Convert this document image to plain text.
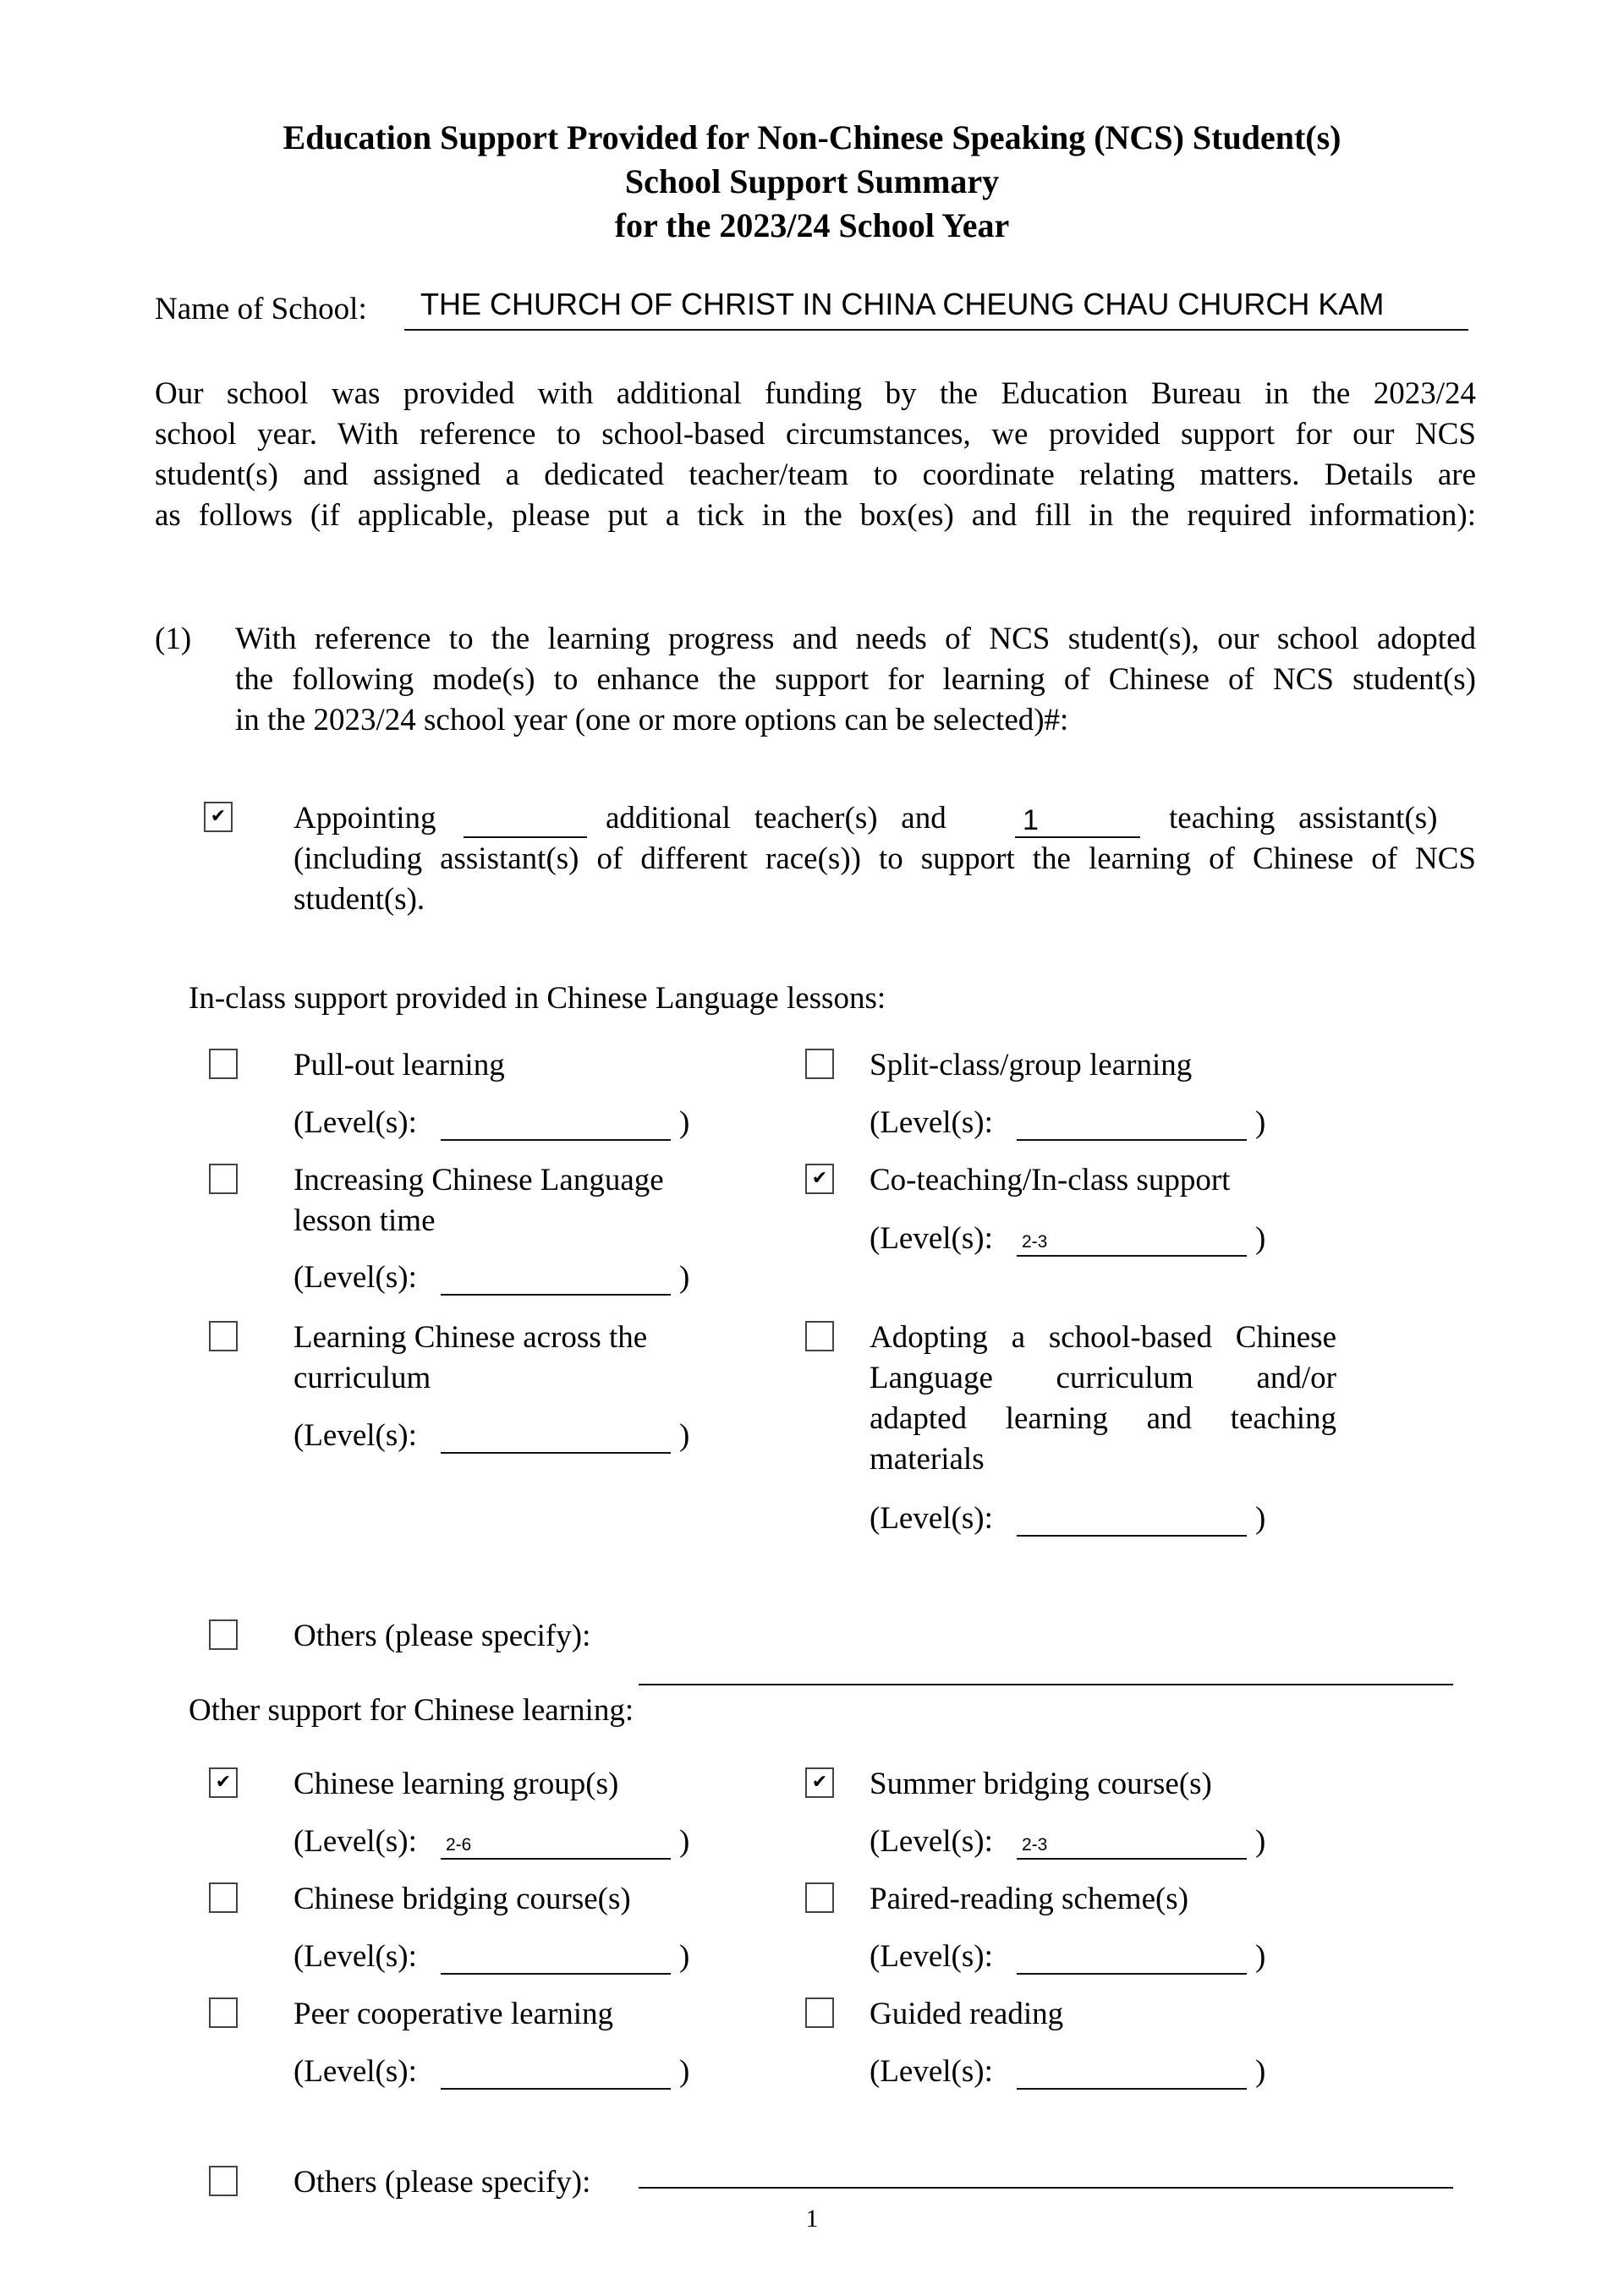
Education Support Provided for Non-Chinese Speaking (NCS) Student(s)
School Support Summary
for the 2023/24 School Year
Name of School: THE CHURCH OF CHRIST IN CHINA CHEUNG CHAU CHURCH KAM
Our school was provided with additional funding by the Education Bureau in the 2023/24
school year. With reference to school-based circumstances, we provided support for our NCS
student(s) and assigned a dedicated teacher/team to coordinate relating matters. Details are
as follows (if applicable, please put a tick in the box(es) and fill in the required information):
(1) With reference to the learning progress and needs of NCS student(s), our school adopted
the following mode(s) to enhance the support for learning of Chinese of NCS student(s)
in the 2023/24 school year (one or more options can be selected)#:
✔ Appointing	additional   teacher(s)   and	1	teaching   assistant(s)
(including assistant(s) of different race(s)) to support the learning of Chinese of NCS
student(s).
In-class support provided in Chinese Language lessons:
Pull-out learning
(Level(s):	)
Split-class/group learning
(Level(s):	)
Increasing Chinese Language
lesson time
(Level(s):	)
✔ Co-teaching/In-class support
(Level(s): 2-3	)
Learning Chinese across the
curriculum
(Level(s):	)
Adopting a school-based Chinese
Language curriculum and/or
adapted learning and teaching
materials
(Level(s):	)
Others (please specify):
Other support for Chinese learning:
✔ Chinese learning group(s)
(Level(s): 2-6	)
✔ Summer bridging course(s)
(Level(s): 2-3	)
Chinese bridging course(s)
(Level(s):	)
Paired-reading scheme(s)
(Level(s):	)
Peer cooperative learning
(Level(s):	)
Guided reading
(Level(s):	)
Others (please specify):
1
